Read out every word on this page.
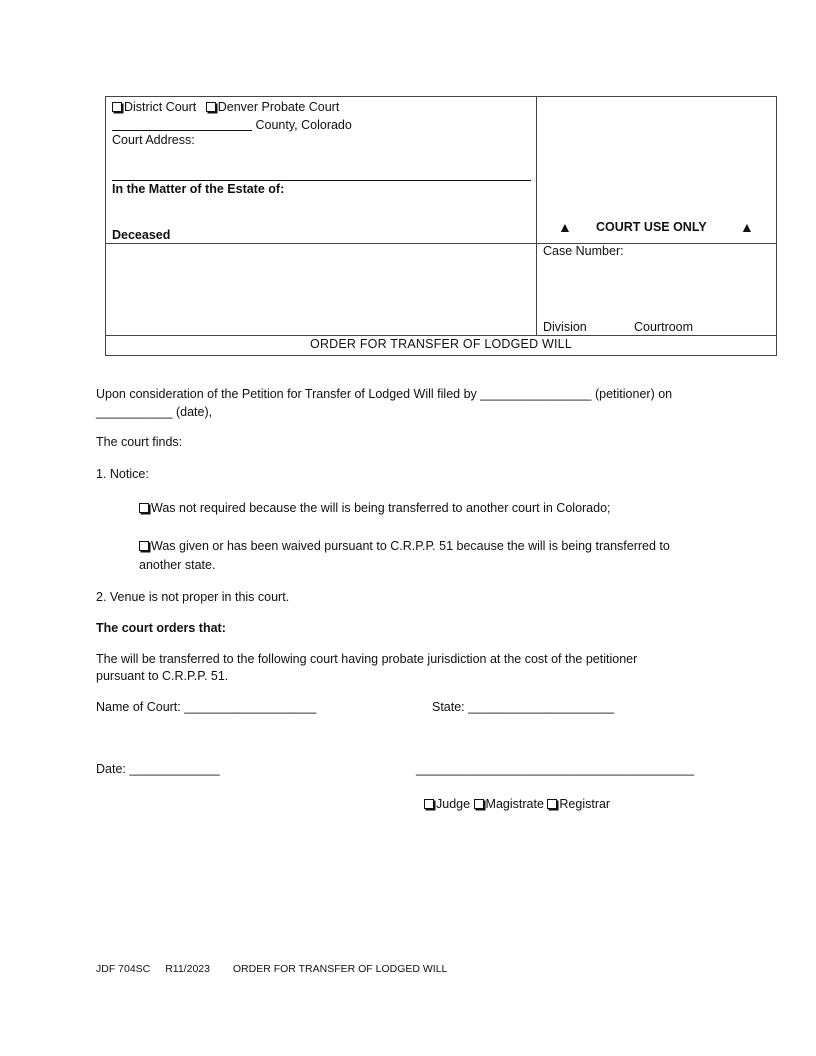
District Court Denver Probate Court
County, Colorado
Court Address:
In the Matter of the Estate of:
Deceased	▲ COURT USE ONLY ▲
Case Number:
Division	Courtroom
ORDER FOR TRANSFER OF LODGED WILL
Upon consideration of the Petition for Transfer of Lodged Will filed by ________________ (petitioner) on
___________ (date),
The court finds:
1. Notice:
Was not required because the will is being transferred to another court in Colorado;
Was given or has been waived pursuant to C.R.P.P. 51 because the will is being transferred to
another state.
2. Venue is not proper in this court.
The court orders that:
The will be transferred to the following court having probate jurisdiction at the cost of the petitioner
pursuant to C.R.P.P. 51.
Name of Court: ___________________	State: _____________________
Date: _____________	________________________________________
Judge Magistrate Registrar
JDF 704SC R11/2023 ORDER FOR TRANSFER OF LODGED WILL
